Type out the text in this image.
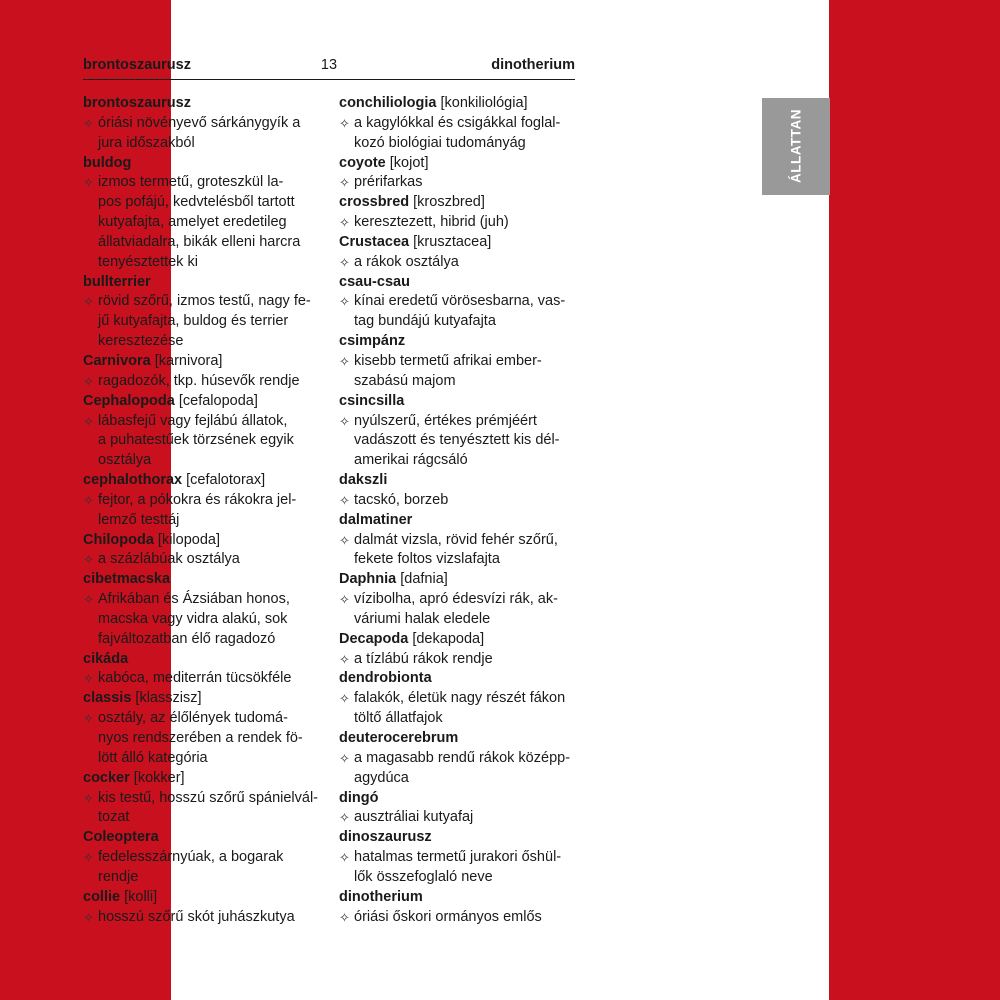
brontoszaurusz	13	dinotherium
brontoszaurusz
✧ óriási növényevő sárkánygyík a
jura időszakból
buldog
✧ izmos termetű, groteszkül la-
pos pofájú, kedvtelésből tartott
kutyafajta, amelyet eredetileg
állatviadalra, bikák elleni harcra
tenyésztettek ki
bullterrier
✧ rövid szőrű, izmos testű, nagy fe-
jű kutyafajta, buldog és terrier
keresztezése
Carnivora [karnivora]
✧ ragadozók, tkp. húsevők rendje
Cephalopoda [cefalopoda]
✧ lábasfejű vagy fejlábú állatok,
a puhatestűek törzsének egyik
osztálya
cephalothorax [cefalotorax]
✧ fejtor, a pókokra és rákokra jel-
lemző testtáj
Chilopoda [kilopoda]
✧ a százlábúak osztálya
cibetmacska
✧ Afrikában és Ázsiában honos,
macska vagy vidra alakú, sok
fajváltozatban élő ragadozó
cikáda
✧ kabóca, mediterrán tücsökféle
classis [klasszisz]
✧ osztály, az élőlények tudomá-
nyos rendszerében a rendek fö-
lött álló kategória
cocker [kokker]
✧ kis testű, hosszú szőrű spánielvál-
tozat
Coleoptera
✧ fedelesszárnyúak, a bogarak
rendje
collie [kolli]
✧ hosszú szőrű skót juhászkutya
conchiliologia [konkiliológia]
✧ a kagylókkal és csigákkal foglal-
kozó biológiai tudományág
coyote [kojot]
✧ prérifarkas
crossbred [kroszbred]
✧ keresztezett, hibrid (juh)
Crustacea [krusztacea]
✧ a rákok osztálya
csau-csau
✧ kínai eredetű vörösesbarna, vas-
tag bundájú kutyafajta
csimpánz
✧ kisebb termetű afrikai ember-
szabású majom
csincsilla
✧ nyúlszerű, értékes prémjéért
vadászott és tenyésztett kis dél-
amerikai rágcsáló
dakszli
✧ tacskó, borzeb
dalmatiner
✧ dalmát vizsla, rövid fehér szőrű,
fekete foltos vizslafajta
Daphnia [dafnia]
✧ vízibolha, apró édesvízi rák, ak-
váriumi halak eledele
Decapoda [dekapoda]
✧ a tízlábú rákok rendje
dendrobionta
✧ falakók, életük nagy részét fákon
töltő állatfajok
deuterocerebrum
✧ a magasabb rendű rákok középp-
agydúca
dingó
✧ ausztráliai kutyafaj
dinoszaurusz
✧ hatalmas termetű jurakori őshül-
lők összefoglaló neve
dinotherium
✧ óriási őskori ormányos emlős
ÁLLATTAN
